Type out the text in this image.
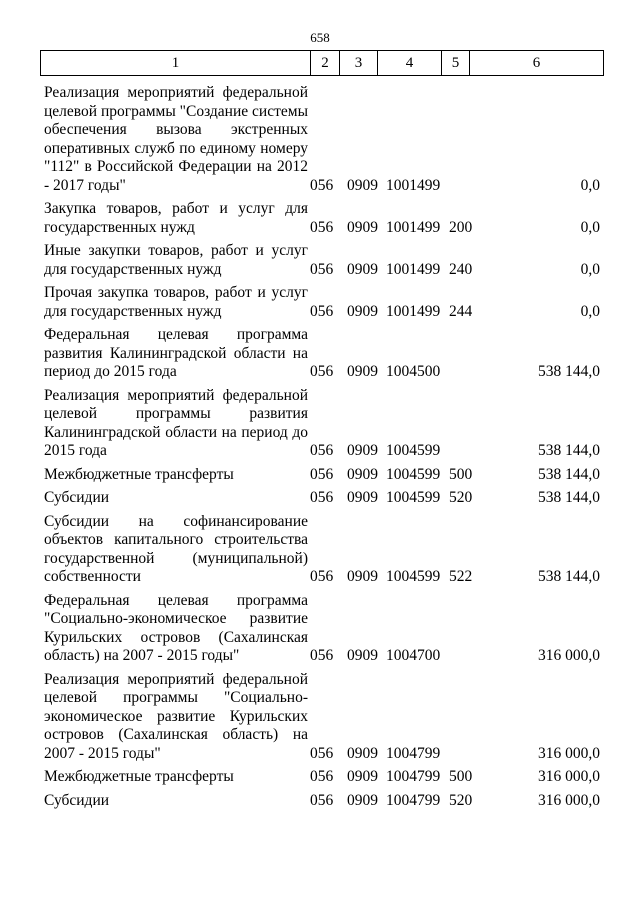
658
1	2	3	4	5	6
Реализация мероприятий федеральной целевой программы "Создание системы обеспечения вызова экстренных оперативных служб по единому номеру "112" в Российской Федерации на 2012 - 2017 годы"	056 0909 1001499	0,0
Закупка товаров, работ и услуг для государственных нужд	056 0909 1001499 200	0,0
Иные закупки товаров, работ и услуг для государственных нужд	056 0909 1001499 240	0,0
Прочая закупка товаров, работ и услуг для государственных нужд	056 0909 1001499 244	0,0
Федеральная целевая программа развития Калининградской области на период до 2015 года	056 0909 1004500	538 144,0
Реализация мероприятий федеральной целевой программы развития Калининградской области на период до 2015 года	056 0909 1004599	538 144,0
Межбюджетные трансферты	056 0909 1004599 500	538 144,0
Субсидии	056 0909 1004599 520	538 144,0
Субсидии на софинансирование объектов капитального строительства государственной (муниципальной) собственности	056 0909 1004599 522	538 144,0
Федеральная целевая программа "Социально-экономическое развитие Курильских островов (Сахалинская область) на 2007 - 2015 годы"	056 0909 1004700	316 000,0
Реализация мероприятий федеральной целевой программы "Социально-экономическое развитие Курильских островов (Сахалинская область) на 2007 - 2015 годы"	056 0909 1004799	316 000,0
Межбюджетные трансферты	056 0909 1004799 500	316 000,0
Субсидии	056 0909 1004799 520	316 000,0
